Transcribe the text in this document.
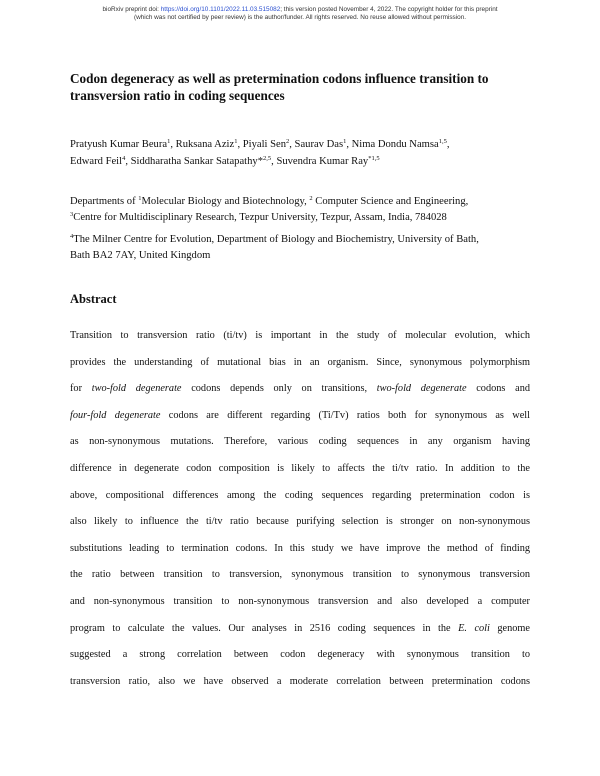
bioRxiv preprint doi: https://doi.org/10.1101/2022.11.03.515082; this version posted November 4, 2022. The copyright holder for this preprint
(which was not certified by peer review) is the author/funder. All rights reserved. No reuse allowed without permission.
Codon degeneracy as well as pretermination codons influence transition to transversion ratio in coding sequences
Pratyush Kumar Beura$^1$, Ruksana Aziz$^1$, Piyali Sen$^2$, Saurav Das$^1$, Nima Dondu Namsa$^{1,5}$,
Edward Feil$^4$, Siddharatha Sankar Satapathy*$^{2,5}$, Suvendra Kumar Ray$^{*1,5}$
Departments of $^1$Molecular Biology and Biotechnology, $^2$ Computer Science and Engineering,
$^3$Centre for Multidisciplinary Research, Tezpur University, Tezpur, Assam, India, 784028
$^4$The Milner Centre for Evolution, Department of Biology and Biochemistry, University of Bath,
Bath BA2 7AY, United Kingdom
Abstract
Transition to transversion ratio (ti/tv) is important in the study of molecular evolution, which
provides the understanding of mutational bias in an organism. Since, synonymous polymorphism
for two-fold degenerate codons depends only on transitions, two-fold degenerate codons and
four-fold degenerate codons are different regarding (Ti/Tv) ratios both for synonymous as well
as non-synonymous mutations. Therefore, various coding sequences in any organism having
difference in degenerate codon composition is likely to affects the ti/tv ratio. In addition to the
above, compositional differences among the coding sequences regarding pretermination codon is
also likely to influence the ti/tv ratio because purifying selection is stronger on non-synonymous
substitutions leading to termination codons. In this study we have improve the method of finding
the ratio between transition to transversion, synonymous transition to synonymous transversion
and non-synonymous transition to non-synonymous transversion and also developed a computer
program to calculate the values. Our analyses in 2516 coding sequences in the E. coli genome
suggested a strong correlation between codon degeneracy with synonymous transition to
transversion ratio, also we have observed a moderate correlation between pretermination codons
